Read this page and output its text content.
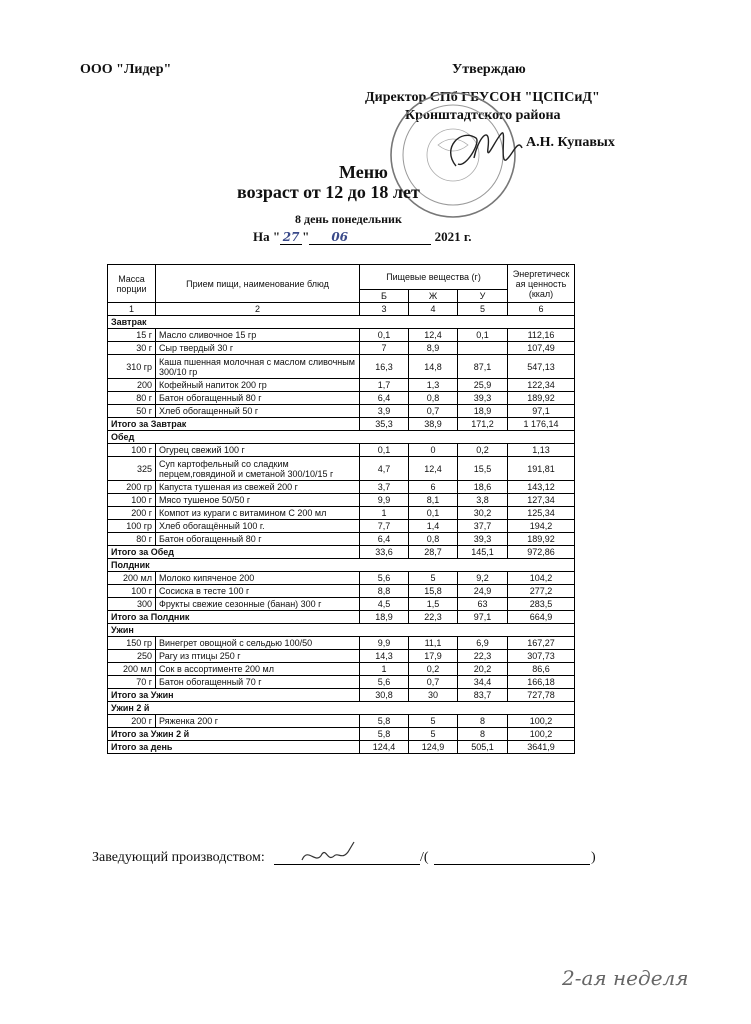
ООО "Лидер"	Утверждаю
Директор СПб ГБУСОН "ЦСПСиД"
Кронштадтского района
А.Н. Купавых
Меню
возраст от 12 до 18 лет
8 день понедельник
На " 27 " 06	2021 г.
Масса порции	Прием пищи, наименование блюд	Пищевые вещества (г)			Энергетическая ценность (ккал)
		Б	Ж	У	
1	2	3	4	5	6
Завтрак					
15 г	Масло сливочное 15 гр	0,1	12,4	0,1	112,16
30 г	Сыр твердый 30 г	7	8,9		107,49
310 гр	Каша пшенная молочная с маслом сливочным 300/10 гр	16,3	14,8	87,1	547,13
200	Кофейный напиток 200 гр	1,7	1,3	25,9	122,34
80 г	Батон обогащенный 80 г	6,4	0,8	39,3	189,92
50 г	Хлеб обогащенный 50 г	3,9	0,7	18,9	97,1
Итого за Завтрак		35,3	38,9	171,2	1 176,14
Обед					
100 г	Огурец свежий 100 г	0,1	0	0,2	1,13
325	Суп картофельный со сладким перцем,говядиной и сметаной 300/10/15 г	4,7	12,4	15,5	191,81
200 гр	Капуста тушеная из свежей 200 г	3,7	6	18,6	143,12
100 г	Мясо тушеное 50/50 г	9,9	8,1	3,8	127,34
200 г	Компот из кураги с витамином С 200 мл	1	0,1	30,2	125,34
100 гр	Хлеб обогащённый 100 г.	7,7	1,4	37,7	194,2
80 г	Батон обогащенный 80 г	6,4	0,8	39,3	189,92
Итого за Обед		33,6	28,7	145,1	972,86
Полдник					
200 мл	Молоко кипяченое 200	5,6	5	9,2	104,2
100 г	Сосиска в тесте 100 г	8,8	15,8	24,9	277,2
300	Фрукты свежие сезонные (банан) 300 г	4,5	1,5	63	283,5
Итого за Полдник		18,9	22,3	97,1	664,9
Ужин					
150 гр	Винегрет овощной с сельдью 100/50	9,9	11,1	6,9	167,27
250	Рагу из птицы 250 г	14,3	17,9	22,3	307,73
200 мл	Сок в ассортименте 200 мл	1	0,2	20,2	86,6
70 г	Батон обогащенный 70 г	5,6	0,7	34,4	166,18
Итого за Ужин		30,8	30	83,7	727,78
Ужин 2 й					
200 г	Ряженка 200 г	5,8	5	8	100,2
Итого за Ужин 2 й		5,8	5	8	100,2
Итого за день		124,4	124,9	505,1	3641,9
Заведующий производством:	/(	)
2-ая неделя
